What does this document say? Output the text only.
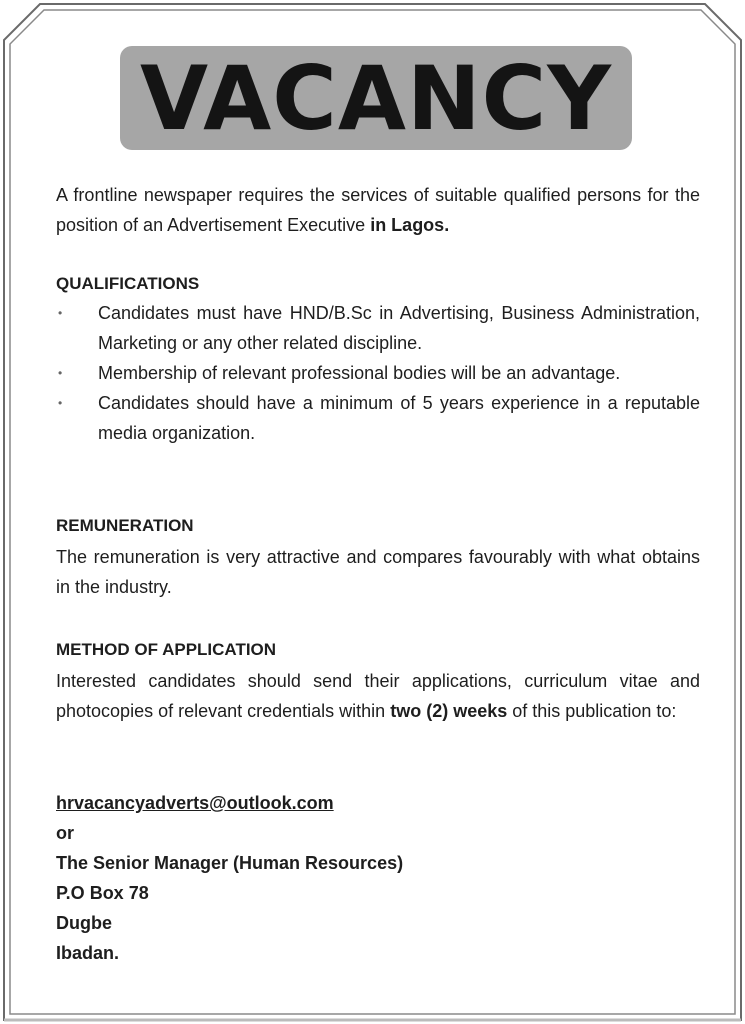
VACANCY

A frontline newspaper requires the services of suitable qualified persons for the position of an Advertisement Executive in Lagos.

QUALIFICATIONS
• Candidates must have HND/B.Sc in Advertising, Business Administration, Marketing or any other related discipline.
• Membership of relevant professional bodies will be an advantage.
• Candidates should have a minimum of 5 years experience in a reputable media organization.
REMUNERATION

The remuneration is very attractive and compares favourably with what obtains in the industry.

METHOD OF APPLICATION

Interested candidates should send their applications, curriculum vitae and photocopies of relevant credentials within two (2) weeks of this publication to:

hrvacancyadverts@outlook.com

or

The Senior Manager (Human Resources)

P.O Box 78

Dugbe

Ibadan.
